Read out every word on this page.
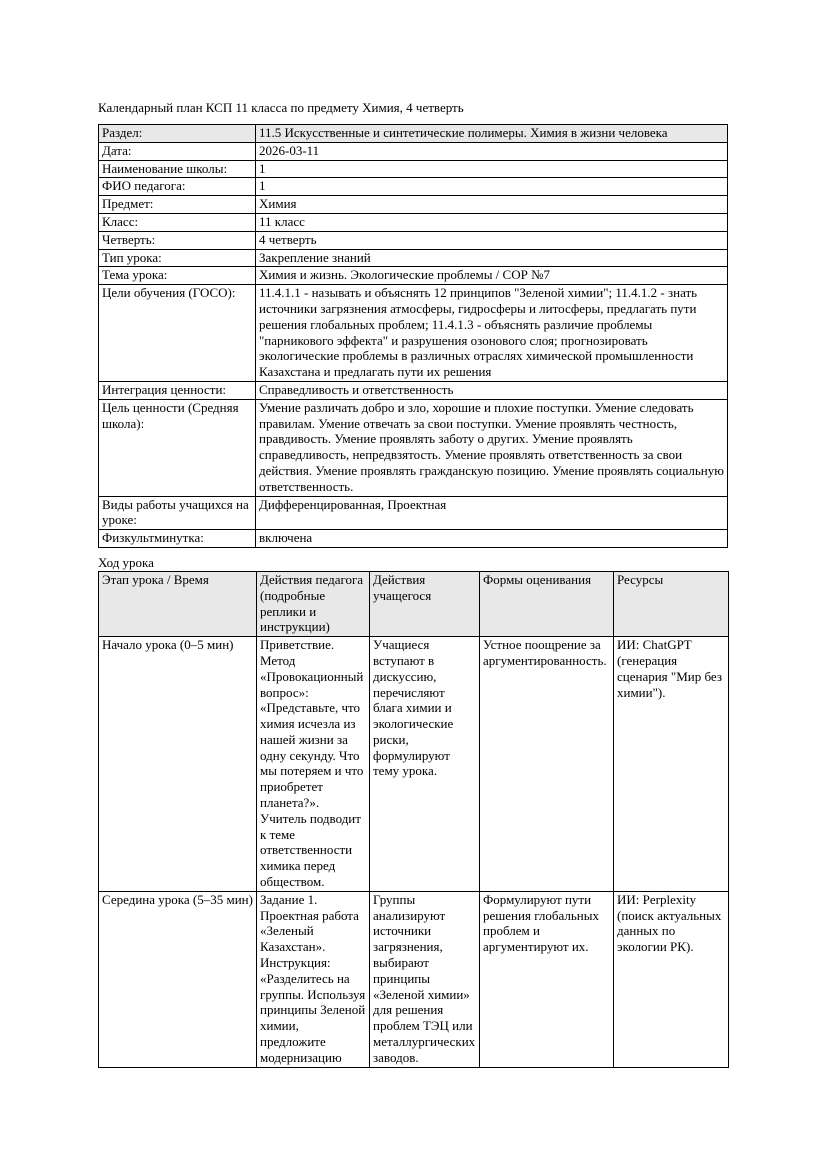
Календарный план КСП 11 класса по предмету Химия, 4 четверть

Раздел:	11.5 Искусственные и синтетические полимеры. Химия в жизни человека
Дата:	2026-03-11
Наименование школы:	1
ФИО педагога:	1
Предмет:	Химия
Класс:	11 класс
Четверть:	4 четверть
Тип урока:	Закрепление знаний
Тема урока:	Химия и жизнь. Экологические проблемы / СОР №7
Цели обучения (ГОСО):	11.4.1.1 - называть и объяснять 12 принципов "Зеленой химии"; 11.4.1.2 - знать источники загрязнения атмосферы, гидросферы и литосферы, предлагать пути решения глобальных проблем; 11.4.1.3 - объяснять различие проблемы "парникового эффекта" и разрушения озонового слоя; прогнозировать экологические проблемы в различных отраслях химической промышленности Казахстана и предлагать пути их решения
Интеграция ценности:	Справедливость и ответственность
Цель ценности (Средняя школа):	Умение различать добро и зло, хорошие и плохие поступки. Умение следовать правилам. Умение отвечать за свои поступки. Умение проявлять честность, правдивость. Умение проявлять заботу о других. Умение проявлять справедливость, непредвзятость. Умение проявлять ответственность за свои действия. Умение проявлять гражданскую позицию. Умение проявлять социальную ответственность.
Виды работы учащихся на уроке:	Дифференцированная, Проектная
Физкультминутка:	включена

Ход урока

Этап урока / Время	Действия педагога (подробные реплики и инструкции)	Действия учащегося	Формы оценивания	Ресурсы
Начало урока (0–5 мин)	Приветствие. Метод «Провокационный вопрос»: «Представьте, что химия исчезла из нашей жизни за одну секунду. Что мы потеряем и что приобретет планета?». Учитель подводит к теме ответственности химика перед обществом.	Учащиеся вступают в дискуссию, перечисляют блага химии и экологические риски, формулируют тему урока.	Устное поощрение за аргументированность.	ИИ: ChatGPT (генерация сценария "Мир без химии").
Середина урока (5–35 мин)	Задание 1. Проектная работа «Зеленый Казахстан». Инструкция: «Разделитесь на группы. Используя принципы Зеленой химии, предложите модернизацию	Группы анализируют источники загрязнения, выбирают принципы «Зеленой химии» для решения проблем ТЭЦ или металлургических заводов.	Формулируют пути решения глобальных проблем и аргументируют их.	ИИ: Perplexity (поиск актуальных данных по экологии РК).
